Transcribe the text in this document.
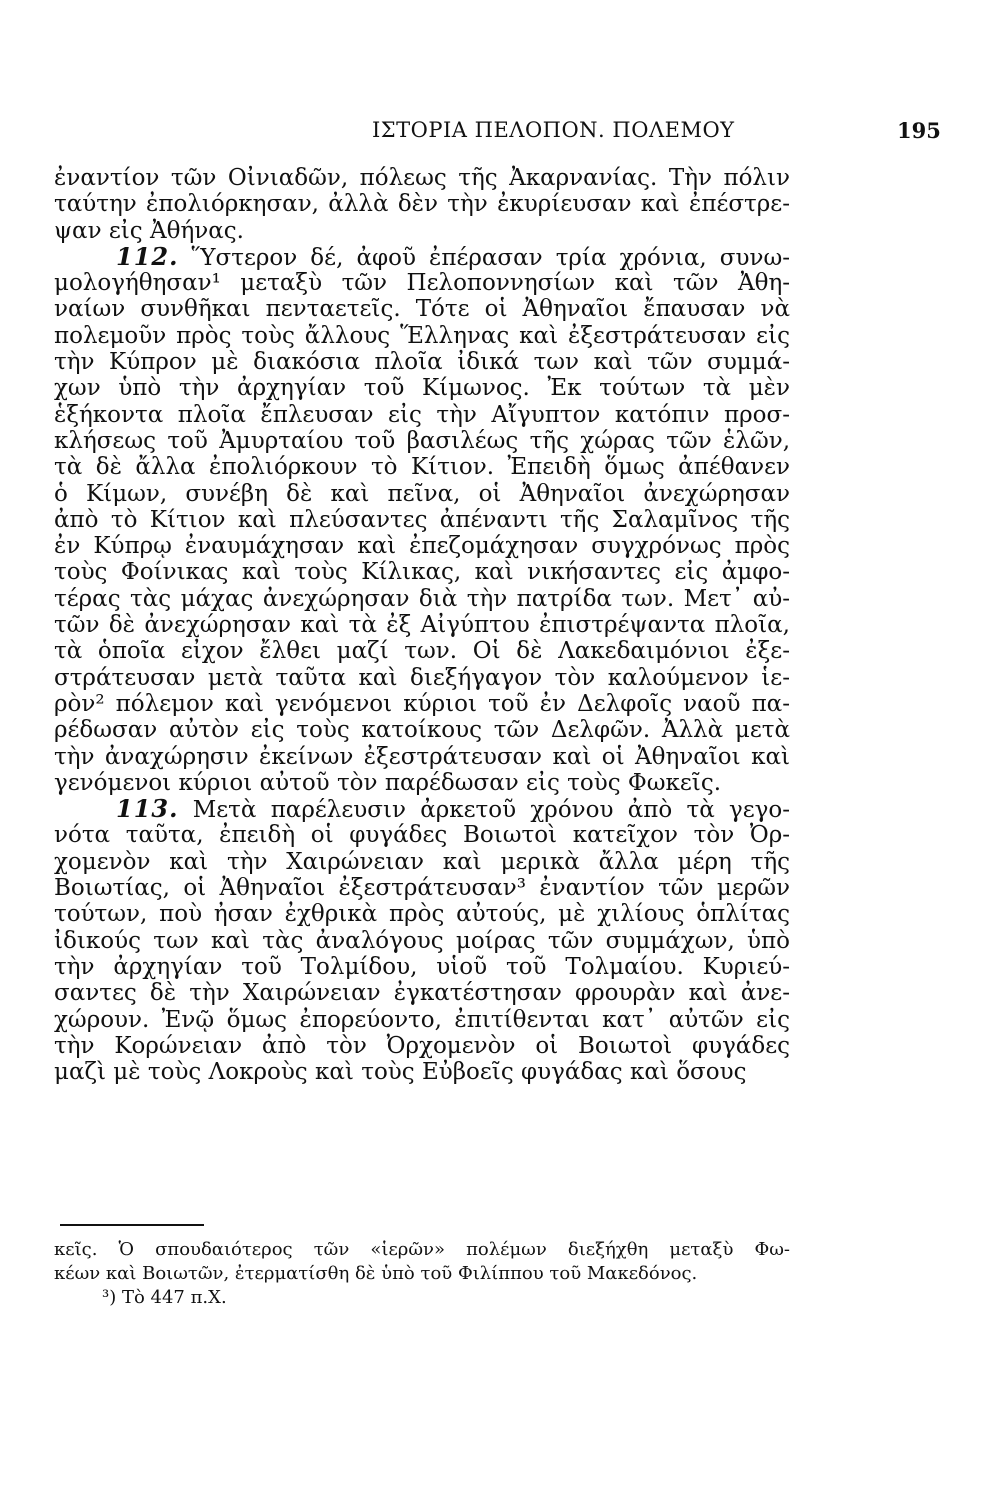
ΙΣΤΟΡΙΑ ΠΕΛΟΠΟΝ. ΠΟΛΕΜΟΥ	195
ἐναντίον τῶν Οἰνιαδῶν, πόλεως τῆς Ἀκαρνανίας. Τὴν πόλιν
ταύτην ἐπολιόρκησαν, ἀλλὰ δὲν τὴν ἐκυρίευσαν καὶ ἐπέστρε-
ψαν εἰς Ἀθήνας.
112. Ὕστερον δέ, ἀφοῦ ἐπέρασαν τρία χρόνια, συνω-
μολογήθησαν¹ μεταξὺ τῶν Πελοποννησίων καὶ τῶν Ἀθη-
ναίων συνθῆκαι πενταετεῖς. Τότε οἱ Ἀθηναῖοι ἔπαυσαν νὰ
πολεμοῦν πρὸς τοὺς ἄλλους Ἕλληνας καὶ ἐξεστράτευσαν εἰς
τὴν Κύπρον μὲ διακόσια πλοῖα ἰδικά των καὶ τῶν συμμά-
χων ὑπὸ τὴν ἀρχηγίαν τοῦ Κίμωνος. Ἐκ τούτων τὰ μὲν
ἑξήκοντα πλοῖα ἔπλευσαν εἰς τὴν Αἴγυπτον κατόπιν προσ-
κλήσεως τοῦ Ἀμυρταίου τοῦ βασιλέως τῆς χώρας τῶν ἑλῶν,
τὰ δὲ ἄλλα ἐπολιόρκουν τὸ Κίτιον. Ἐπειδὴ ὅμως ἀπέθανεν
ὁ Κίμων, συνέβη δὲ καὶ πεῖνα, οἱ Ἀθηναῖοι ἀνεχώρησαν
ἀπὸ τὸ Κίτιον καὶ πλεύσαντες ἀπέναντι τῆς Σαλαμῖνος τῆς
ἐν Κύπρῳ ἐναυμάχησαν καὶ ἐπεζομάχησαν συγχρόνως πρὸς
τοὺς Φοίνικας καὶ τοὺς Κίλικας, καὶ νικήσαντες εἰς ἀμφο-
τέρας τὰς μάχας ἀνεχώρησαν διὰ τὴν πατρίδα των. Μετ᾽ αὐ-
τῶν δὲ ἀνεχώρησαν καὶ τὰ ἐξ Αἰγύπτου ἐπιστρέψαντα πλοῖα,
τὰ ὁποῖα εἶχον ἔλθει μαζί των. Οἱ δὲ Λακεδαιμόνιοι ἐξε-
στράτευσαν μετὰ ταῦτα καὶ διεξήγαγον τὸν καλούμενον ἱε-
ρὸν² πόλεμον καὶ γενόμενοι κύριοι τοῦ ἐν Δελφοῖς ναοῦ πα-
ρέδωσαν αὐτὸν εἰς τοὺς κατοίκους τῶν Δελφῶν. Ἀλλὰ μετὰ
τὴν ἀναχώρησιν ἐκείνων ἐξεστράτευσαν καὶ οἱ Ἀθηναῖοι καὶ
γενόμενοι κύριοι αὐτοῦ τὸν παρέδωσαν εἰς τοὺς Φωκεῖς.
113. Μετὰ παρέλευσιν ἀρκετοῦ χρόνου ἀπὸ τὰ γεγο-
νότα ταῦτα, ἐπειδὴ οἱ φυγάδες Βοιωτοὶ κατεῖχον τὸν Ὀρ-
χομενὸν καὶ τὴν Χαιρώνειαν καὶ μερικὰ ἄλλα μέρη τῆς
Βοιωτίας, οἱ Ἀθηναῖοι ἐξεστράτευσαν³ ἐναντίον τῶν μερῶν
τούτων, ποὺ ἦσαν ἐχθρικὰ πρὸς αὐτούς, μὲ χιλίους ὁπλίτας
ἰδικούς των καὶ τὰς ἀναλόγους μοίρας τῶν συμμάχων, ὑπὸ
τὴν ἀρχηγίαν τοῦ Τολμίδου, υἱοῦ τοῦ Τολμαίου. Κυριεύ-
σαντες δὲ τὴν Χαιρώνειαν ἐγκατέστησαν φρουρὰν καὶ ἀνε-
χώρουν. Ἐνῷ ὅμως ἐπορεύοντο, ἐπιτίθενται κατ᾽ αὐτῶν εἰς
τὴν Κορώνειαν ἀπὸ τὸν Ὀρχομενὸν οἱ Βοιωτοὶ φυγάδες
μαζὶ μὲ τοὺς Λοκροὺς καὶ τοὺς Εὐβοεῖς φυγάδας καὶ ὅσους
κεῖς. Ὁ σπουδαιότερος τῶν «ἱερῶν» πολέμων διεξήχθη μεταξὺ Φω-
κέων καὶ Βοιωτῶν, ἐτερματίσθη δὲ ὑπὸ τοῦ Φιλίππου τοῦ Μακεδόνος.
³) Τὸ 447 π.Χ.
